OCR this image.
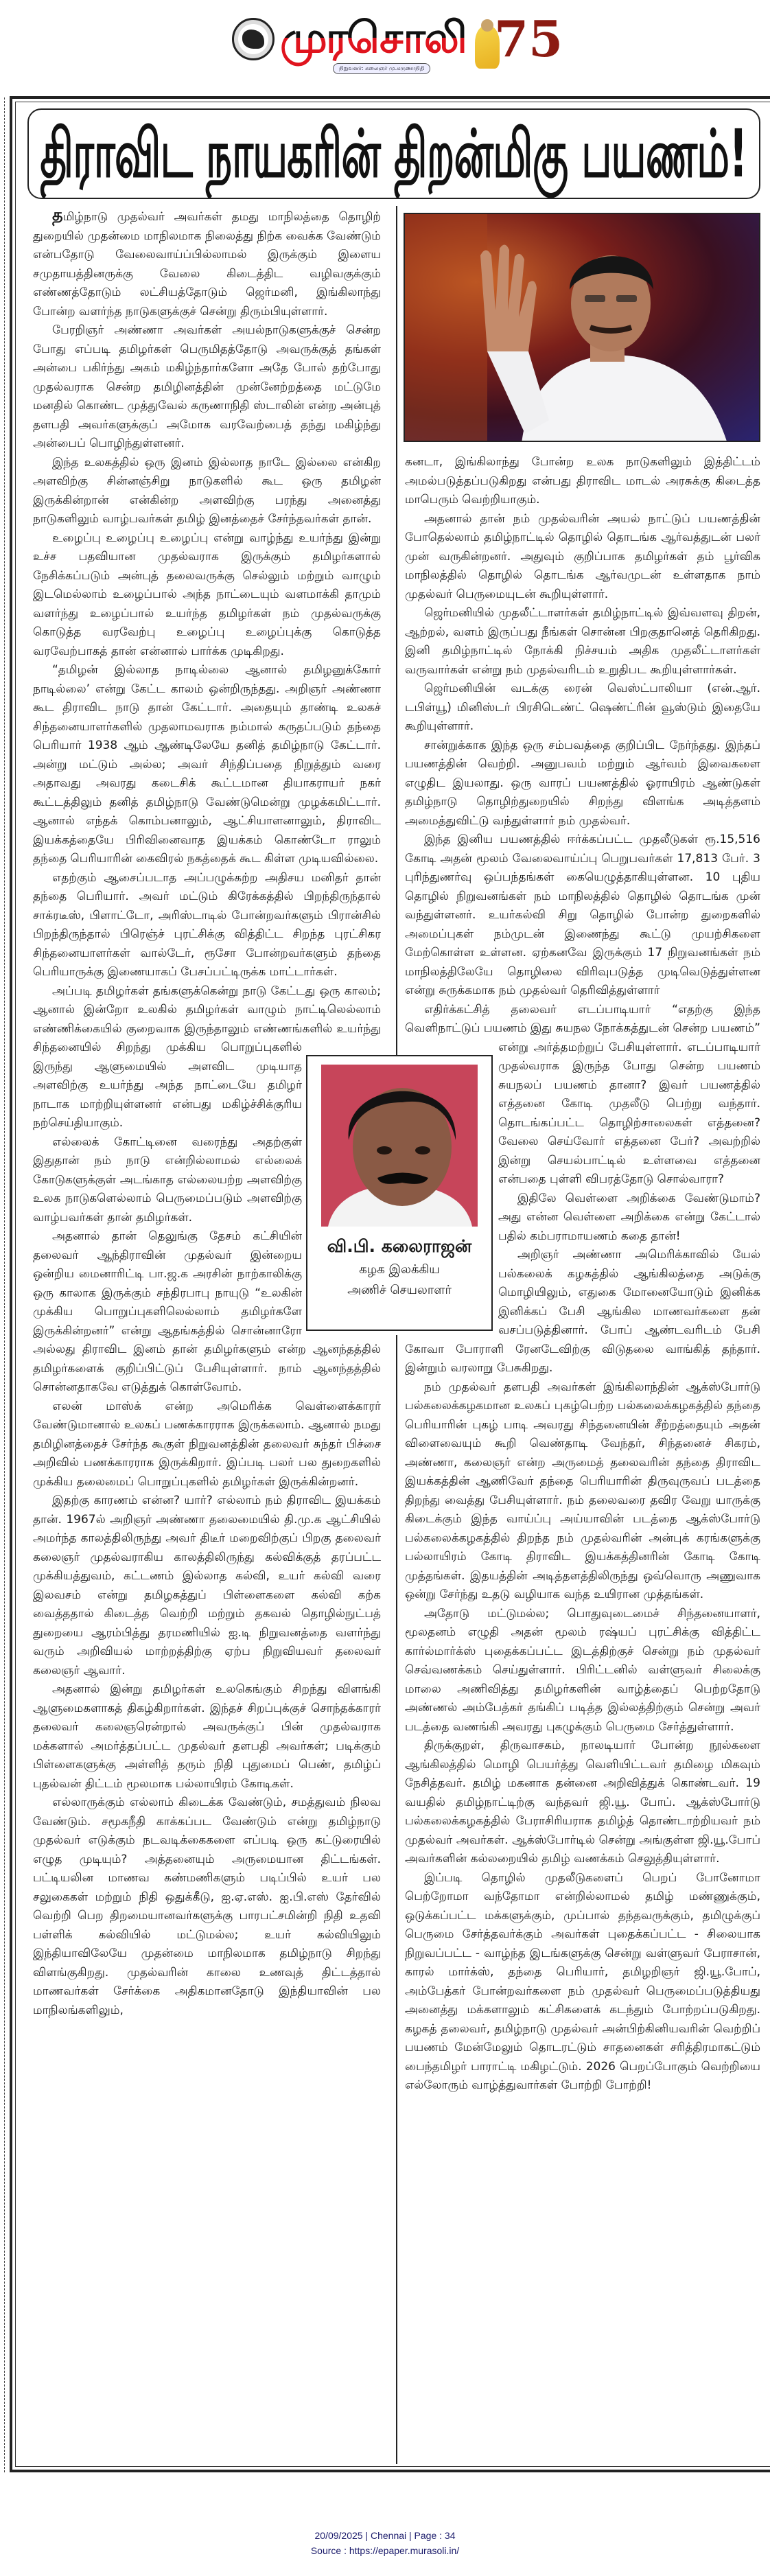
முரசொலி
நிறுவனர்: கலைஞர் மு.கருணாநிதி
75
திராவிட நாயகரின் திறன்மிகு பயணம்!

தமிழ்நாடு முதல்வர் அவர்கள் தமது மாநிலத்தை தொழிற் துறையில் முதன்மை மாநிலமாக நிலைத்து நிற்க வைக்க வேண்டும் என்பதோடு வேலைவாய்ப்பில்லாமல் இருக்கும் இளைய சமுதாயத்தினருக்கு வேலை கிடைத்திட வழிவகுக்கும் எண்ணத்தோடும் லட்சியத்தோடும் ஜெர்மனி, இங்கிலாந்து போன்ற வளர்ந்த நாடுகளுக்குச் சென்று திரும்பியுள்ளார்.

பேரறிஞர் அண்ணா அவர்கள் அயல்நாடுகளுக்குச் சென்ற போது எப்படி தமிழர்கள் பெருமிதத்தோடு அவருக்குத் தங்கள் அன்பை பகிர்ந்து அகம் மகிழ்ந்தார்களோ அதே போல் தற்போது முதல்வராக சென்ற தமிழினத்தின் முன்னேற்றத்தை மட்டுமே மனதில் கொண்ட முத்துவேல் கருணாநிதி ஸ்டாலின் என்ற அன்புத் தளபதி அவர்களுக்குப் அமோக வரவேற்பைத் தந்து மகிழ்ந்து அன்பைப் பொழிந்துள்ளனர்.

இந்த உலகத்தில் ஒரு இனம் இல்லாத நாடே இல்லை என்கிற அளவிற்கு சின்னஞ்சிறு நாடுகளில் கூட ஒரு தமிழன் இருக்கின்றான் என்கின்ற அளவிற்கு பரந்து அனைத்து நாடுகளிலும் வாழ்பவர்கள் தமிழ் இனத்தைச் சேர்ந்தவர்கள் தான்.

உழைப்பு உழைப்பு உழைப்பு என்று வாழ்ந்து உயர்ந்து இன்று உச்ச பதவியான முதல்வராக இருக்கும் தமிழர்களால் நேசிக்கப்படும் அன்புத் தலைவருக்கு செல்லும் மற்றும் வாழும் இடமெல்லாம் உழைப்பால் அந்த நாட்டையும் வளமாக்கி தாமும் வளர்ந்து உழைப்பால் உயர்ந்த தமிழர்கள் நம் முதல்வருக்கு கொடுத்த வரவேற்பு உழைப்பு உழைப்புக்கு கொடுத்த வரவேற்பாகத் தான் என்னால் பார்க்க முடிகிறது.

“தமிழன் இல்லாத நாடில்லை ஆனால் தமிழனுக்கோர் நாடில்லை’ என்று கேட்ட காலம் ஒன்றிருந்தது. அறிஞர் அண்ணா கூட திராவிட நாடு தான் கேட்டார். அதையும் தாண்டி உலகச் சிந்தனையாளர்களில் முதலாமவராக நம்மால் கருதப்படும் தந்தை பெரியார் 1938 ஆம் ஆண்டிலேயே தனித் தமிழ்நாடு கேட்டார். அன்று மட்டும் அல்ல; அவர் சிந்திப்பதை நிறுத்தும் வரை அதாவது அவரது கடைசிக் கூட்டமான தியாகராயர் நகர் கூட்டத்திலும் தனித் தமிழ்நாடு வேண்டுமென்று முழக்கமிட்டார். ஆனால் எந்தக் கொம்பனாலும், ஆட்சியாளனாலும், திராவிட இயக்கத்தையே பிரிவினைவாத இயக்கம் கொண்டோ ராலும் தந்தை பெரியாரின் கைவிரல் நகத்தைக் கூட கிள்ள முடியவில்லை.

எதற்கும் ஆசைப்படாத அப்பழுக்கற்ற அதிசய மனிதர் தான் தந்தை பெரியார். அவர் மட்டும் கிரேக்கத்தில் பிறந்திருந்தால் சாக்ரடீஸ், பிளாட்டோ, அரிஸ்டாடில் போன்றவர்களும் பிரான்சில் பிறந்திருந்தால் பிரெஞ்ச் புரட்சிக்கு வித்திட்ட சிறந்த புரட்சிகர சிந்தனையாளர்கள் வால்டேர், ரூசோ போன்றவர்களும் தந்தை பெரியாருக்கு இணையாகப் பேசப்பட்டிருக்க மாட்டார்கள்.

அப்படி தமிழர்கள் தங்களுக்கென்று நாடு கேட்டது ஒரு காலம்; ஆனால் இன்றோ உலகில் தமிழர்கள் வாழும் நாட்டிலெல்லாம் எண்ணிக்கையில் குறைவாக இருந்தாலும் எண்ணங்களில் உயர்ந்து சிந்தனையில் சிறந்து முக்கிய பொறுப்புகளில் இருந்து ஆளுமையில் அளவிட முடியாத அளவிற்கு உயர்ந்து அந்த நாட்டையே தமிழர் நாடாக மாற்றியுள்ளனர் என்பது மகிழ்ச்சிக்குரிய நற்செய்தியாகும்.

எல்லைக் கோட்டினை வரைந்து அதற்குள் இதுதான் நம் நாடு என்றில்லாமல் எல்லைக் கோடுகளுக்குள் அடங்காத எல்லையற்ற அளவிற்கு உலக நாடுகளெல்லாம் பெருமைப்படும் அளவிற்கு வாழ்பவர்கள் தான் தமிழர்கள்.

அதனால் தான் தெலுங்கு தேசம் கட்சியின் தலைவர் ஆந்திராவின் முதல்வர் இன்றைய ஒன்றிய மைனாரிட்டி பா.ஜ.க அரசின் நாற்காலிக்கு ஒரு காலாக இருக்கும் சந்திரபாபு நாயுடு “உலகின் முக்கிய பொறுப்புகளிலெல்லாம் தமிழர்களே இருக்கின்றனர்” என்று ஆதங்கத்தில் சொன்னாரோ அல்லது திராவிட இனம் தான் தமிழர்களும் என்ற ஆனந்தத்தில் தமிழர்களைக் குறிப்பிட்டுப் பேசியுள்ளார். நாம் ஆனந்தத்தில் சொன்னதாகவே எடுத்துக் கொள்வோம்.

எலன் மாஸ்க் என்ற அமெரிக்க வெள்ளைக்காரர் வேண்டுமானால் உலகப் பணக்காரராக இருக்கலாம். ஆனால் நமது தமிழினத்தைச் சேர்ந்த கூகுள் நிறுவனத்தின் தலைவர் சுந்தர் பிச்சை அறிவில் பணக்காரராக இருக்கிறார். இப்படி பலர் பல துறைகளில் முக்கிய தலைமைப் பொறுப்புகளில் தமிழர்கள் இருக்கின்றனர்.

இதற்கு காரணம் என்ன? யார்? எல்லாம் நம் திராவிட இயக்கம் தான். 1967ல் அறிஞர் அண்ணா தலைமையில் தி.மு.க ஆட்சியில் அமர்ந்த காலத்திலிருந்து அவர் திடீர் மறைவிற்குப் பிறகு தலைவர் கலைஞர் முதல்வராகிய காலத்திலிருந்து கல்விக்குத் தரப்பட்ட முக்கியத்துவம், கட்டணம் இல்லாத கல்வி, உயர் கல்வி வரை இலவசம் என்று தமிழகத்துப் பிள்ளைகளை கல்வி கற்க வைத்ததால் கிடைத்த வெற்றி மற்றும் தகவல் தொழில்நுட்பத் துறையை ஆரம்பித்து தரமணியில் ஐ.டி நிறுவனத்தை வளர்ந்து வரும் அறிவியல் மாற்றத்திற்கு ஏற்ப நிறுவியவர் தலைவர் கலைஞர் ஆவார்.

அதனால் இன்று தமிழர்கள் உலகெங்கும் சிறந்து விளங்கி ஆளுமைகளாகத் திகழ்கிறார்கள். இந்தச் சிறப்புக்குச் சொந்தக்காரர் தலைவர் கலைஞரென்றால் அவருக்குப் பின் முதல்வராக மக்களால் அமர்த்தப்பட்ட முதல்வர் தளபதி அவர்கள்; படிக்கும் பிள்ளைகளுக்கு அள்ளித் தரும் நிதி புதுமைப் பெண், தமிழ்ப் புதல்வன் திட்டம் மூலமாக பல்லாயிரம் கோடிகள்.

எல்லாருக்கும் எல்லாம் கிடைக்க வேண்டும், சமத்துவம் நிலவ வேண்டும். சமூகநீதி காக்கப்பட வேண்டும் என்று தமிழ்நாடு முதல்வர் எடுக்கும் நடவடிக்கைகளை எப்படி ஒரு கட்டுரையில் எழுத முடியும்? அத்தனையும் அருமையான திட்டங்கள். பட்டியலின மாணவ கண்மணிகளும் படிப்பில் உயர் பல சலுகைகள் மற்றும் நிதி ஒதுக்கீடு, ஐ.ஏ.எஸ். ஐ.பி.எஸ் தேர்வில் வெற்றி பெற திறமையானவர்களுக்கு பாரபட்சமின்றி நிதி உதவி பள்ளிக் கல்வியில் மட்டுமல்ல; உயர் கல்வியிலும் இந்தியாவிலேயே முதன்மை மாநிலமாக தமிழ்நாடு சிறந்து விளங்குகிறது. முதல்வரின் காலை உணவுத் திட்டத்தால் மாணவர்கள் சேர்க்கை அதிகமானதோடு இந்தியாவின் பல மாநிலங்களிலும்,

கனடா, இங்கிலாந்து போன்ற உலக நாடுகளிலும் இத்திட்டம் அமல்படுத்தப்படுகிறது என்பது திராவிட மாடல் அரசுக்கு கிடைத்த மாபெரும் வெற்றியாகும்.

அதனால் தான் நம் முதல்வரின் அயல் நாட்டுப் பயணத்தின் போதெல்லாம் தமிழ்நாட்டில் தொழில் தொடங்க ஆர்வத்துடன் பலர் முன் வருகின்றனர். அதுவும் குறிப்பாக தமிழர்கள் தம் பூர்விக மாநிலத்தில் தொழில் தொடங்க ஆர்வமுடன் உள்ளதாக நாம் முதல்வர் பெருமையுடன் கூறியுள்ளார்.

ஜெர்மனியில் முதலீட்டாளர்கள் தமிழ்நாட்டில் இவ்வளவு திறன், ஆற்றல், வளம் இருப்பது நீங்கள் சொன்ன பிறகுதானெத் தெரிகிறது. இனி தமிழ்நாட்டில் நோக்கி நிச்சயம் அதிக முதலீட்டாளர்கள் வருவார்கள் என்று நம் முதல்வரிடம் உறுதிபட கூறியுள்ளார்கள்.

ஜெர்மனியின் வடக்கு ரைன் வெஸ்ட்பாலியா (என்.ஆர். டபிள்யூ) மினிஸ்டர் பிரசிடெண்ட் ஷெண்ட்ரின் வூஸ்டும் இதையே கூறியுள்ளார்.

சான்றுக்காக இந்த ஒரு சம்பவத்தை குறிப்பிட நேர்ந்தது. இந்தப் பயணத்தின் வெற்றி. அனுபவம் மற்றும் ஆர்வம் இவைகளை எழுதிட இயலாது. ஒரு வாரப் பயணத்தில் ஓராயிரம் ஆண்டுகள் தமிழ்நாடு தொழிற்துறையில் சிறந்து விளங்க அடித்தளம் அமைத்துவிட்டு வந்துள்ளார் நம் முதல்வர்.

இந்த இனிய பயணத்தில் ஈர்க்கப்பட்ட முதலீடுகள் ரூ.15,516 கோடி அதன் மூலம் வேலைவாய்ப்பு பெறுபவர்கள் 17,813 பேர். 3 புரிந்துணர்வு ஒப்பந்தங்கள் கையெழுத்தாகியுள்ளன. 10 புதிய தொழில் நிறுவனங்கள் நம் மாநிலத்தில் தொழில் தொடங்க முன் வந்துள்ளனர். உயர்கல்வி சிறு தொழில் போன்ற துறைகளில் அமைப்புகள் நம்முடன் இணைந்து கூட்டு முயற்சிகளை மேற்கொள்ள உள்ளன. ஏற்கனவே இருக்கும் 17 நிறுவனங்கள் நம் மாநிலத்திலேயே தொழிலை விரிவுபடுத்த முடிவெடுத்துள்ளன என்று சுருக்கமாக நம் முதல்வர் தெரிவித்துள்ளார்

எதிர்க்கட்சித் தலைவர் எடப்பாடியார் “எதற்கு இந்த வெளிநாட்டுப் பயணம் இது சுயநல நோக்கத்துடன் சென்ற பயணம்” என்று அர்த்தமற்றுப் பேசியுள்ளார். எடப்பாடியார் முதல்வராக இருந்த போது சென்ற பயணம் சுயநலப் பயணம் தானா? இவர் பயணத்தில் எத்தனை கோடி முதலீடு பெற்று வந்தார். தொடங்கப்பட்ட தொழிற்சாலைகள் எத்தனை? வேலை செய்வோர் எத்தனை பேர்? அவற்றில் இன்று செயல்பாட்டில் உள்ளவை எத்தனை என்பதை புள்ளி விபரத்தோடு சொல்வாரா?

இதிலே வெள்ளை அறிக்கை வேண்டுமாம்? அது என்ன வெள்ளை அறிக்கை என்று கேட்டால் பதில் கம்பராமாயணம் கதை தான்!

அறிஞர் அண்ணா அமெரிக்காவில் யேல் பல்கலைக் கழகத்தில் ஆங்கிலத்தை அடுக்கு மொழியிலும், எதுகை மோனையோடும் இனிக்க இனிக்கப் பேசி ஆங்கில மாணவர்களை தன் வசப்படுத்தினார். போப் ஆண்டவரிடம் பேசி கோவா போராளி ரேனடேவிற்கு விடுதலை வாங்கித் தந்தார். இன்றும் வரலாறு பேசுகிறது.

நம் முதல்வர் தளபதி அவர்கள் இங்கிலாந்தின் ஆக்ஸ்போர்டு பல்கலைக்கழகமான உலகப் புகழ்பெற்ற பல்கலைக்கழகத்தில் தந்தை பெரியாரின் புகழ் பாடி அவரது சிந்தனையின் சீற்றத்தையும் அதன் விளைவையும் கூறி வெண்தாடி வேந்தர், சிந்தனைச் சிகரம், அண்ணா, கலைஞர் என்ற அருமைத் தலைவரின் தந்தை திராவிட இயக்கத்தின் ஆணிவேர் தந்தை பெரியாரின் திருவுருவப் படத்தை திறந்து வைத்து பேசியுள்ளார். நம் தலைவரை தவிர வேறு யாருக்கு கிடைக்கும் இந்த வாய்ப்பு அய்யாவின் படத்தை ஆக்ஸ்போர்டு பல்கலைக்கழகத்தில் திறந்த நம் முதல்வரின் அன்புக் கரங்களுக்கு பல்லாயிரம் கோடி திராவிட இயக்கத்தினரின் கோடி கோடி முத்தங்கள். இதயத்தின் அடித்தளத்திலிருந்து ஒவ்வொரு அணுவாக ஒன்று சேர்ந்து உதடு வழியாக வந்த உயிரான முத்தங்கள்.

அதோடு மட்டுமல்ல; பொதுவுடைமைச் சிந்தனையாளர், மூலதனம் எழுதி அதன் மூலம் ரஷ்யப் புரட்சிக்கு வித்திட்ட கார்ல்மார்க்ஸ் புதைக்கப்பட்ட இடத்திற்குச் சென்று நம் முதல்வர் செவ்வணக்கம் செய்துள்ளார். பிரிட்டனில் வள்ளுவர் சிலைக்கு மாலை அணிவித்து தமிழர்களின் வாழ்த்தைப் பெற்றதோடு அண்ணல் அம்பேத்கர் தங்கிப் படித்த இல்லத்திற்கும் சென்று அவர் படத்தை வணங்கி அவரது புகழுக்கும் பெருமை சேர்த்துள்ளார்.

திருக்குறள், திருவாசகம், நாலடியார் போன்ற நூல்களை ஆங்கிலத்தில் மொழி பெயர்த்து வெளியிட்டவர் தமிழை மிகவும் நேசித்தவர். தமிழ் மகனாக தன்னை அறிவித்துக் கொண்டவர். 19 வயதில் தமிழ்நாட்டிற்கு வந்தவர் ஜி.யூ. போப். ஆக்ஸ்போர்டு பல்கலைக்கழகத்தில் பேராசிரியராக தமிழ்த் தொண்டாற்றியவர் நம் முதல்வர் அவர்கள். ஆக்ஸ்போர்டில் சென்று அங்குள்ள ஜி.யூ.போப் அவர்களின் கல்லறையில் தமிழ் வணக்கம் செலுத்தியுள்ளார்.

இப்படி தொழில் முதலீடுகளைப் பெறப் போனோமா பெற்றோமா வந்தோமா என்றில்லாமல் தமிழ் மண்ணுக்கும், ஒடுக்கப்பட்ட மக்களுக்கும், முப்பால் தந்தவருக்கும், தமிழுக்குப் பெருமை சேர்த்தவர்க்கும் அவர்கள் புதைக்கப்பட்ட - சிலையாக நிறுவப்பட்ட - வாழ்ந்த இடங்களுக்கு சென்று வள்ளுவர் பேராசான், காரல் மார்க்ஸ், தந்தை பெரியார், தமிழறிஞர் ஜி.யூ.போப், அம்பேத்கர் போன்றவர்களை நம் முதல்வர் பெருமைப்படுத்தியது அனைத்து மக்களாலும் கட்சிகளைக் கடந்தும் போற்றப்படுகிறது. கழகத் தலைவர், தமிழ்நாடு முதல்வர் அன்பிற்கினியவரின் வெற்றிப் பயணம் மேன்மேலும் தொடரட்டும் சாதனைகள் சரித்திரமாகட்டும் பைந்தமிழர் பாராட்டி மகிழட்டும். 2026 பெறப்போகும் வெற்றியை எல்லோரும் வாழ்த்துவார்கள் போற்றி போற்றி!

வி.பி. கலைராஜன்
கழக இலக்கிய
அணிச் செயலாளர்
20/09/2025 | Chennai | Page : 34
Source : https://epaper.murasoli.in/
